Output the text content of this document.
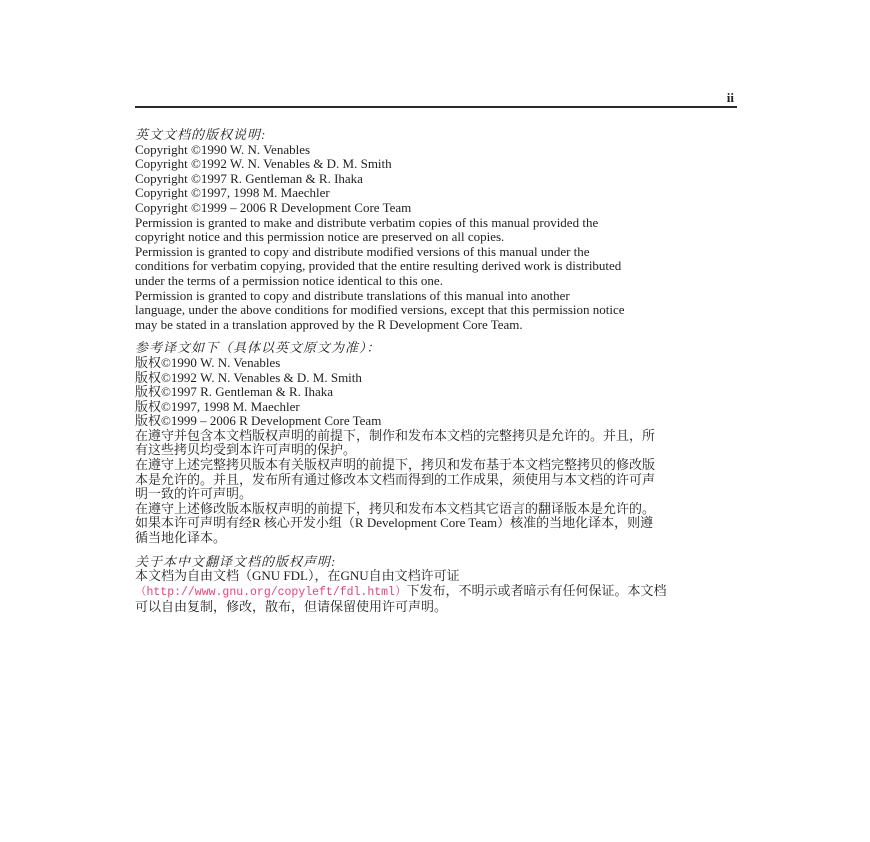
ii
英文文档的版权说明:
Copyright ©1990 W. N. Venables
Copyright ©1992 W. N. Venables & D. M. Smith
Copyright ©1997 R. Gentleman & R. Ihaka
Copyright ©1997, 1998 M. Maechler
Copyright ©1999 – 2006 R Development Core Team
Permission is granted to make and distribute verbatim copies of this manual provided the
copyright notice and this permission notice are preserved on all copies.
Permission is granted to copy and distribute modified versions of this manual under the
conditions for verbatim copying, provided that the entire resulting derived work is distributed
under the terms of a permission notice identical to this one.
Permission is granted to copy and distribute translations of this manual into another
language, under the above conditions for modified versions, except that this permission notice
may be stated in a translation approved by the R Development Core Team.
参考译文如下（具体以英文原文为准）：
版权©1990 W. N. Venables
版权©1992 W. N. Venables & D. M. Smith
版权©1997 R. Gentleman & R. Ihaka
版权©1997, 1998 M. Maechler
版权©1999 – 2006 R Development Core Team
在遵守并包含本文档版权声明的前提下，制作和发布本文档的完整拷贝是允许的。并且，所
有这些拷贝均受到本许可声明的保护。
在遵守上述完整拷贝版本有关版权声明的前提下，拷贝和发布基于本文档完整拷贝的修改版
本是允许的。并且，发布所有通过修改本文档而得到的工作成果，须使用与本文档的许可声
明一致的许可声明。
在遵守上述修改版本版权声明的前提下，拷贝和发布本文档其它语言的翻译版本是允许的。
如果本许可声明有经R 核心开发小组（R Development Core Team）核准的当地化译本，则遵
循当地化译本。
关于本中文翻译文档的版权声明:
本文档为自由文档（GNU FDL），在GNU自由文档许可证
（http://www.gnu.org/copyleft/fdl.html）下发布，不明示或者暗示有任何保证。本文档
可以自由复制，修改，散布，但请保留使用许可声明。
